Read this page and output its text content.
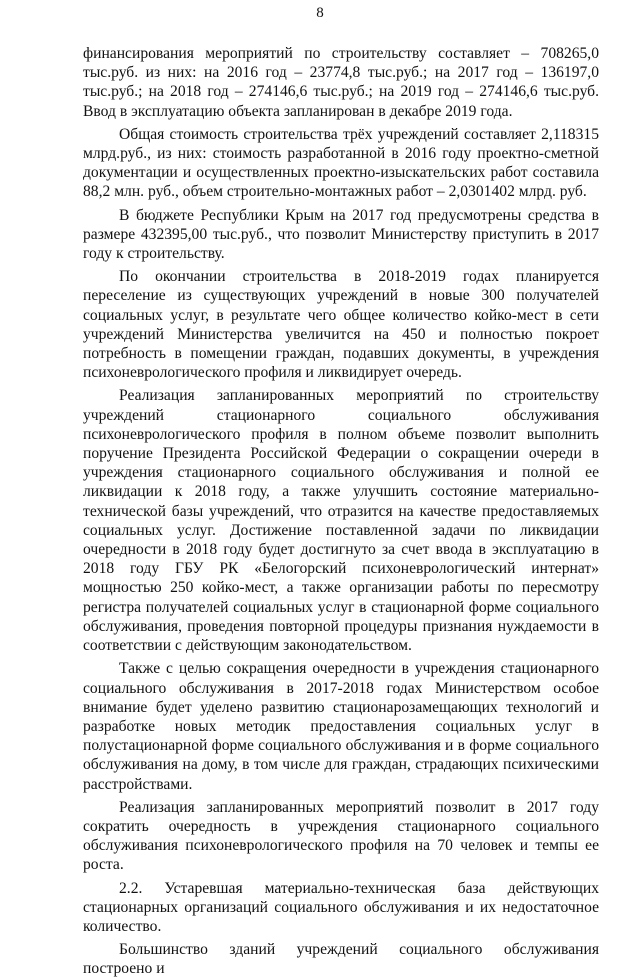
8

финансирования мероприятий по строительству составляет – 708265,0 тыс.руб. из них: на 2016 год – 23774,8 тыс.руб.; на 2017 год – 136197,0 тыс.руб.; на 2018 год – 274146,6 тыс.руб.; на 2019 год – 274146,6 тыс.руб. Ввод в эксплуатацию объекта запланирован в декабре 2019 года.

Общая стоимость строительства трёх учреждений составляет 2,118315 млрд.руб., из них: стоимость разработанной в 2016 году проектно-сметной документации и осуществленных проектно-изыскательских работ составила 88,2 млн. руб., объем строительно-монтажных работ – 2,0301402 млрд. руб.

В бюджете Республики Крым на 2017 год предусмотрены средства в размере 432395,00 тыс.руб., что позволит Министерству приступить в 2017 году к строительству.

По окончании строительства в 2018-2019 годах планируется переселение из существующих учреждений в новые 300 получателей социальных услуг, в результате чего общее количество койко-мест в сети учреждений Министерства увеличится на 450 и полностью покроет потребность в помещении граждан, подавших документы, в учреждения психоневрологического профиля и ликвидирует очередь.

Реализация запланированных мероприятий по строительству учреждений стационарного социального обслуживания психоневрологического профиля в полном объеме позволит выполнить поручение Президента Российской Федерации о сокращении очереди в учреждения стационарного социального обслуживания и полной ее ликвидации к 2018 году, а также улучшить состояние материально-технической базы учреждений, что отразится на качестве предоставляемых социальных услуг. Достижение поставленной задачи по ликвидации очередности в 2018 году будет достигнуто за счет ввода в эксплуатацию в 2018 году ГБУ РК «Белогорский психоневрологический интернат» мощностью 250 койко-мест, а также организации работы по пересмотру регистра получателей социальных услуг в стационарной форме социального обслуживания, проведения повторной процедуры признания нуждаемости в соответствии с действующим законодательством.

Также с целью сокращения очередности в учреждения стационарного социального обслуживания в 2017-2018 годах Министерством особое внимание будет уделено развитию стационарозамещающих технологий и разработке новых методик предоставления социальных услуг в полустационарной форме социального обслуживания и в форме социального обслуживания на дому, в том числе для граждан, страдающих психическими расстройствами.

Реализация запланированных мероприятий позволит в 2017 году сократить очередность в учреждения стационарного социального обслуживания психоневрологического профиля на 70 человек и темпы ее роста.

2.2. Устаревшая материально-техническая база действующих стационарных организаций социального обслуживания и их недостаточное количество.

Большинство зданий учреждений социального обслуживания построено и
